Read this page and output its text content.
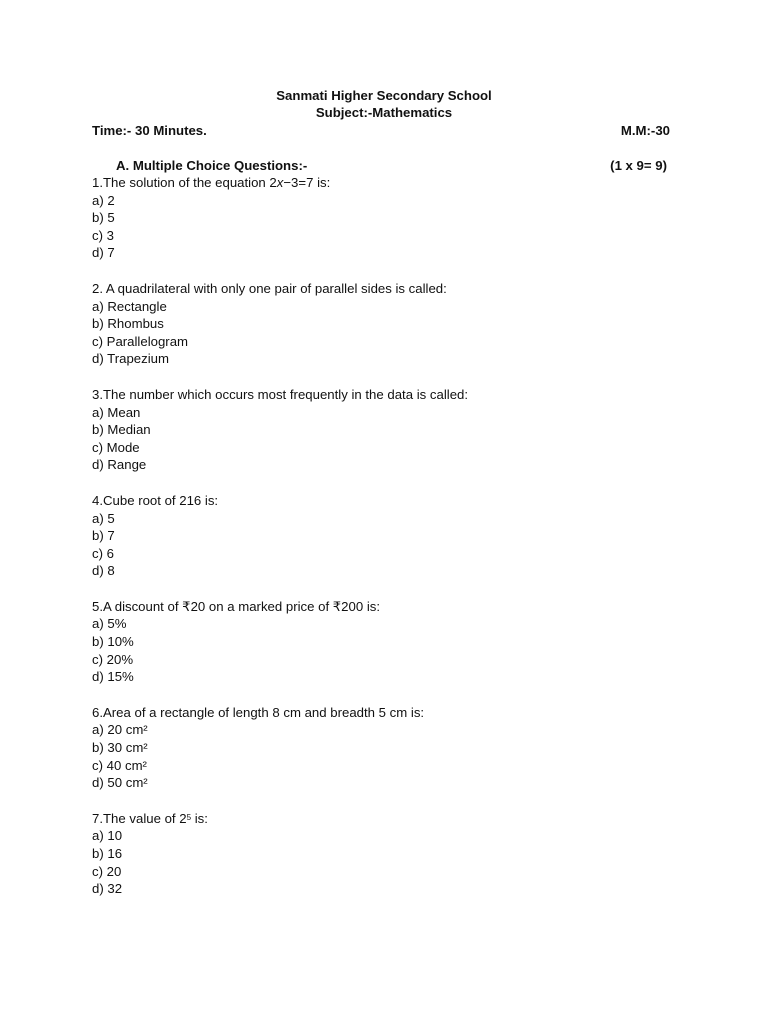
Sanmati Higher Secondary School
Subject:-Mathematics
Time:- 30 Minutes.	M.M:-30
A. Multiple Choice Questions:-	(1 x 9= 9)
1.The solution of the equation 2x−3=7 is:
a) 2
b) 5
c) 3
d) 7
2. A quadrilateral with only one pair of parallel sides is called:
a) Rectangle
b) Rhombus
c) Parallelogram
d) Trapezium
3.The number which occurs most frequently in the data is called:
a) Mean
b) Median
c) Mode
d) Range
4.Cube root of 216 is:
a) 5
b) 7
c) 6
d) 8
5.A discount of ₹20 on a marked price of ₹200 is:
a) 5%
b) 10%
c) 20%
d) 15%
6.Area of a rectangle of length 8 cm and breadth 5 cm is:
a) 20 cm²
b) 30 cm²
c) 40 cm²
d) 50 cm²
7.The value of $2^5$ is:
a) 10
b) 16
c) 20
d) 32
